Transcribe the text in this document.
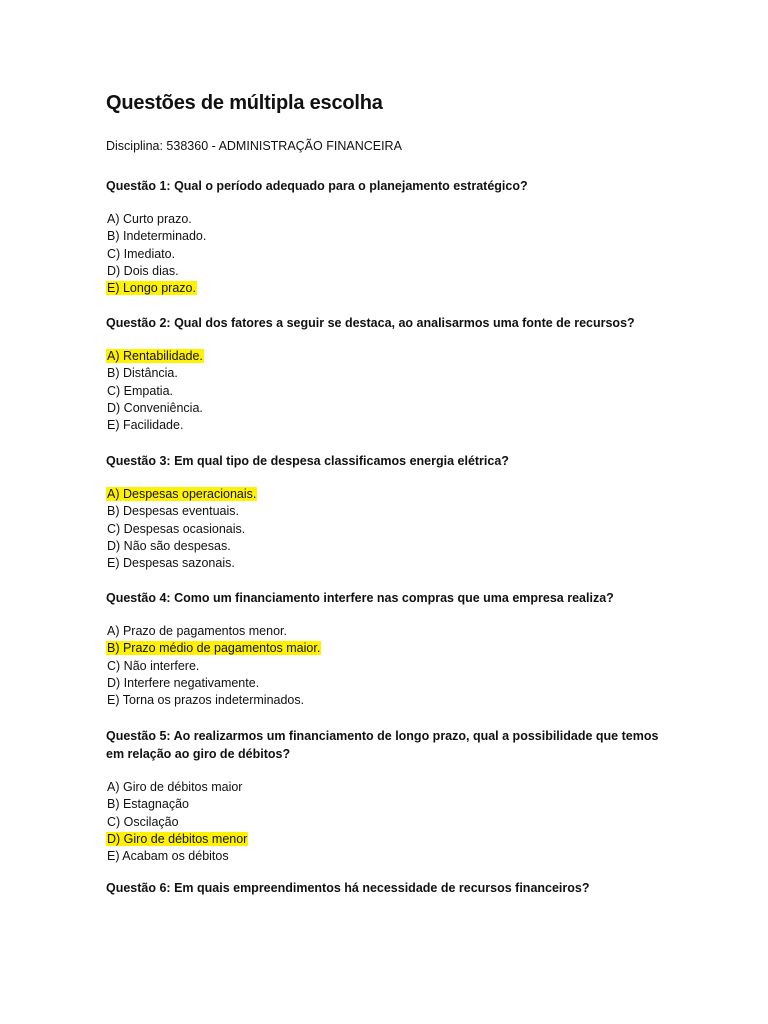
Questões de múltipla escolha
Disciplina: 538360 - ADMINISTRAÇÃO FINANCEIRA

Questão 1: Qual o período adequado para o planejamento estratégico?

A) Curto prazo.
B) Indeterminado.
C) Imediato.
D) Dois dias.
E) Longo prazo.

Questão 2: Qual dos fatores a seguir se destaca, ao analisarmos uma fonte de recursos?

A) Rentabilidade.
B) Distância.
C) Empatia.
D) Conveniência.
E) Facilidade.

Questão 3: Em qual tipo de despesa classificamos energia elétrica?

A) Despesas operacionais.
B) Despesas eventuais.
C) Despesas ocasionais.
D) Não são despesas.
E) Despesas sazonais.

Questão 4: Como um financiamento interfere nas compras que uma empresa realiza?

A) Prazo de pagamentos menor.
B) Prazo médio de pagamentos maior.
C) Não interfere.
D) Interfere negativamente.
E) Torna os prazos indeterminados.

Questão 5: Ao realizarmos um financiamento de longo prazo, qual a possibilidade que temos em relação ao giro de débitos?

A) Giro de débitos maior
B) Estagnação
C) Oscilação
D) Giro de débitos menor
E) Acabam os débitos

Questão 6: Em quais empreendimentos há necessidade de recursos financeiros?
